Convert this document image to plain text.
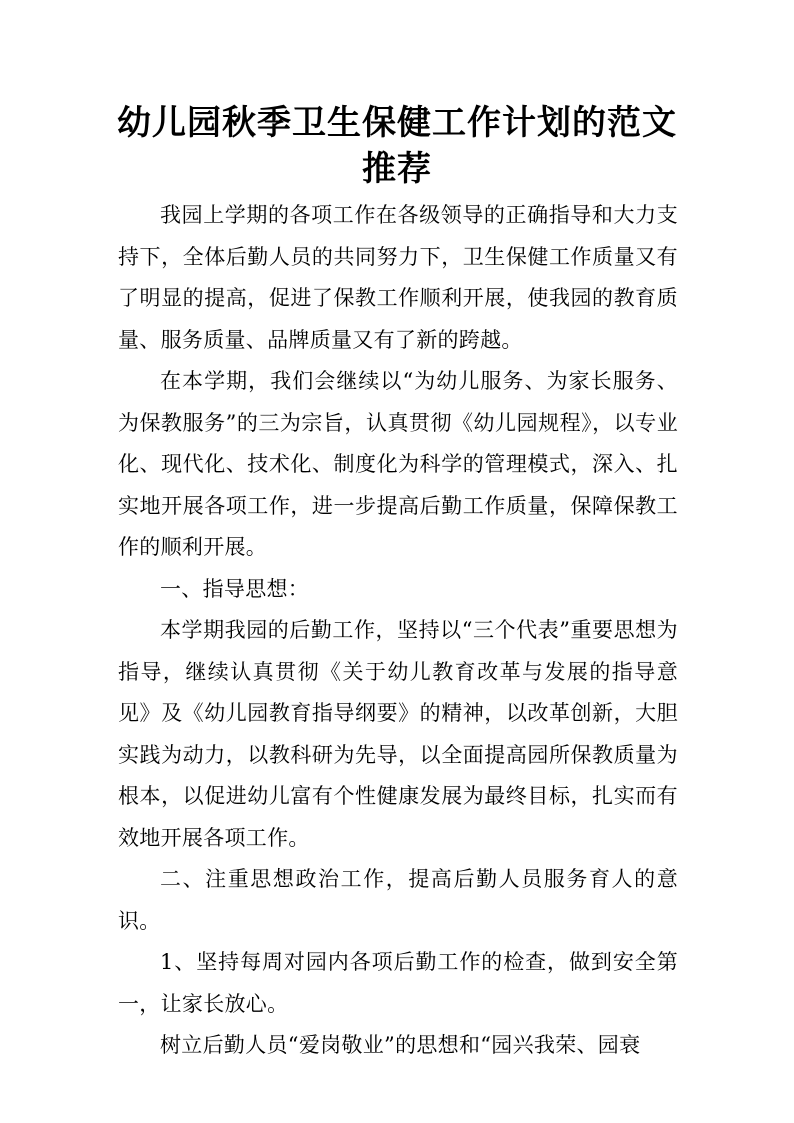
幼儿园秋季卫生保健工作计划的范文推荐

我园上学期的各项工作在各级领导的正确指导和大力支持下，全体后勤人员的共同努力下，卫生保健工作质量又有了明显的提高，促进了保教工作顺利开展，使我园的教育质量、服务质量、品牌质量又有了新的跨越。

在本学期，我们会继续以“为幼儿服务、为家长服务、为保教服务”的三为宗旨，认真贯彻《幼儿园规程》，以专业化、现代化、技术化、制度化为科学的管理模式，深入、扎实地开展各项工作，进一步提高后勤工作质量，保障保教工作的顺利开展。

一、指导思想：

本学期我园的后勤工作，坚持以“三个代表”重要思想为指导，继续认真贯彻《关于幼儿教育改革与发展的指导意见》及《幼儿园教育指导纲要》的精神，以改革创新，大胆实践为动力，以教科研为先导，以全面提高园所保教质量为根本，以促进幼儿富有个性健康发展为最终目标，扎实而有效地开展各项工作。

二、注重思想政治工作，提高后勤人员服务育人的意识。

1、坚持每周对园内各项后勤工作的检查，做到安全第一，让家长放心。

树立后勤人员“爱岗敬业”的思想和“园兴我荣、园衰
